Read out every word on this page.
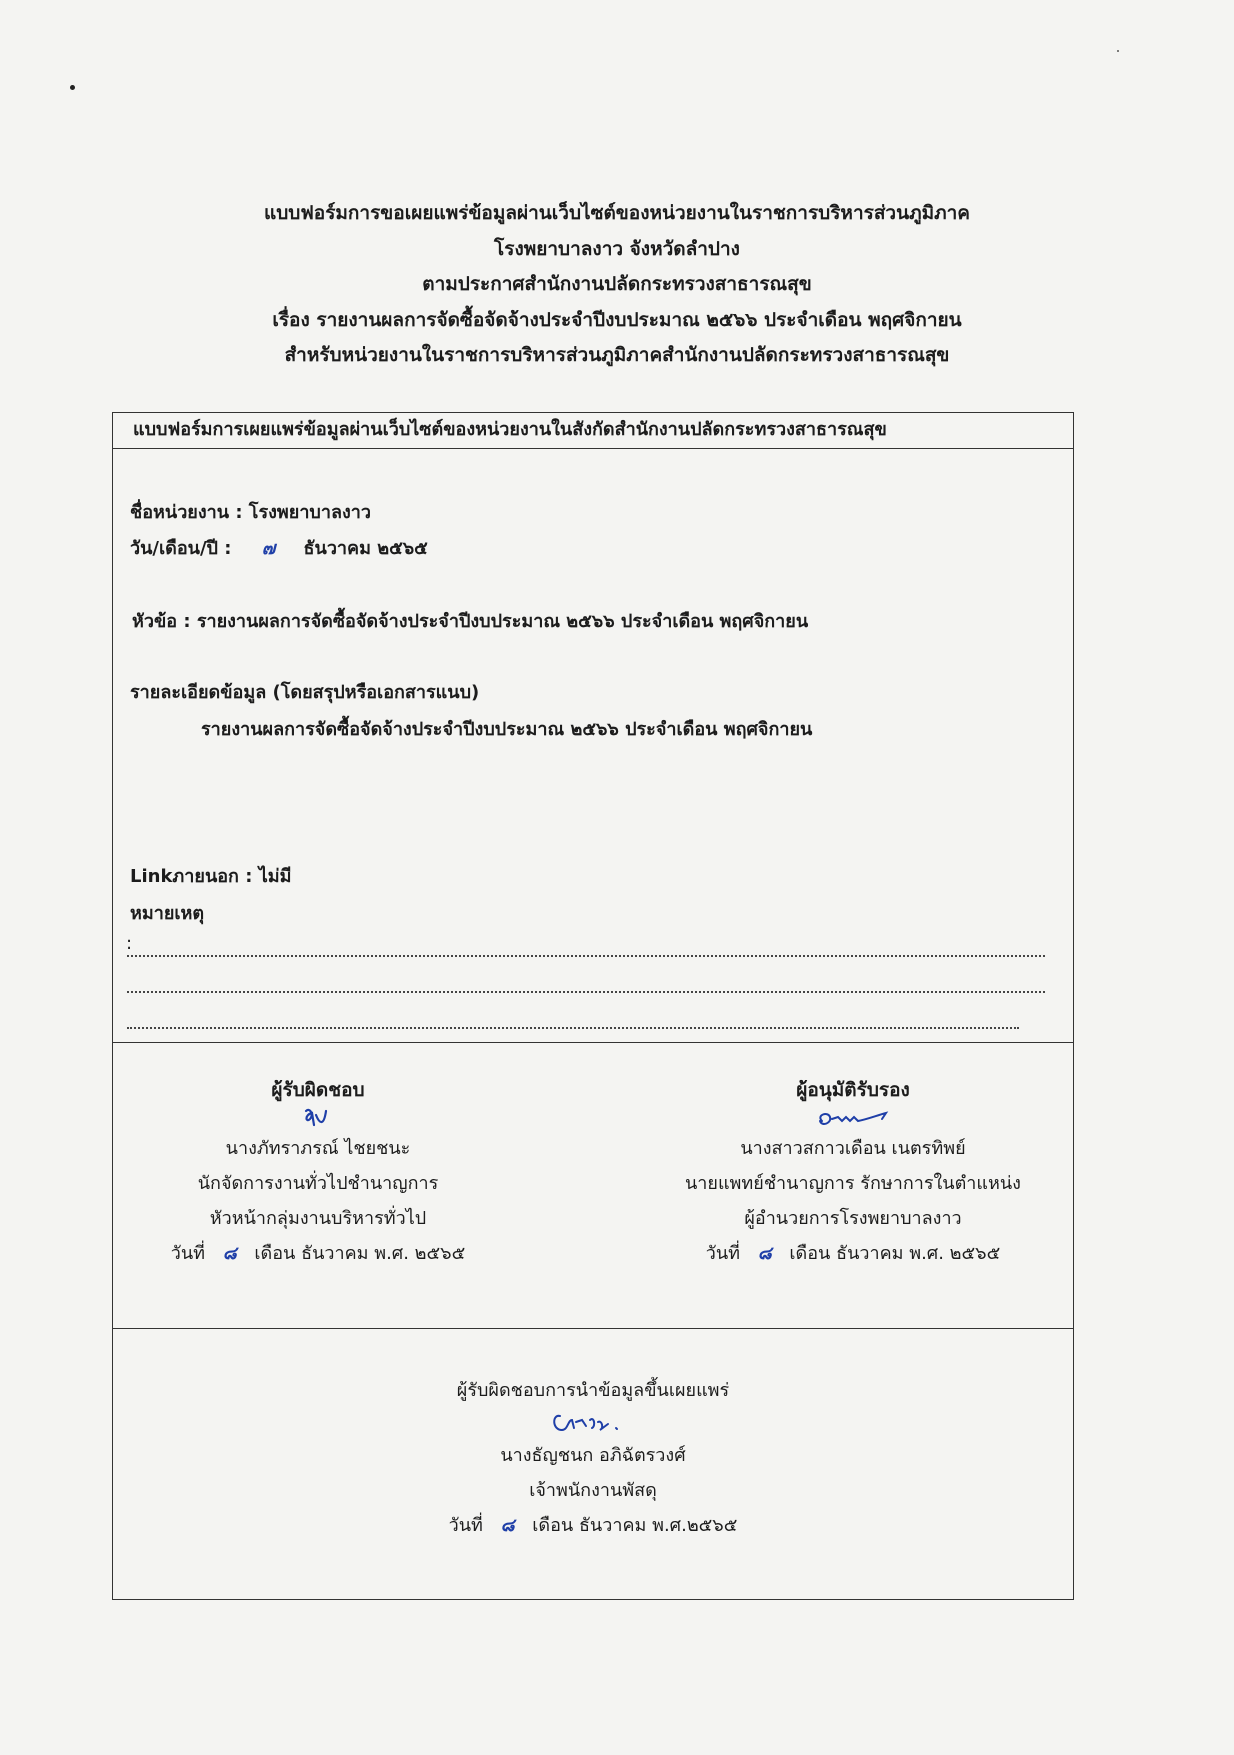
แบบฟอร์มการขอเผยแพร่ข้อมูลผ่านเว็บไซต์ของหน่วยงานในราชการบริหารส่วนภูมิภาค
โรงพยาบาลงาว จังหวัดลำปาง
ตามประกาศสำนักงานปลัดกระทรวงสาธารณสุข
เรื่อง รายงานผลการจัดซื้อจัดจ้างประจำปีงบประมาณ ๒๕๖๖ ประจำเดือน พฤศจิกายน
สำหรับหน่วยงานในราชการบริหารส่วนภูมิภาคสำนักงานปลัดกระทรวงสาธารณสุข
แบบฟอร์มการเผยแพร่ข้อมูลผ่านเว็บไซต์ของหน่วยงานในสังกัดสำนักงานปลัดกระทรวงสาธารณสุข
ชื่อหน่วยงาน : โรงพยาบาลงาว
วัน/เดือน/ปี : ๗ ธันวาคม ๒๕๖๕
หัวข้อ : รายงานผลการจัดซื้อจัดจ้างประจำปีงบประมาณ ๒๕๖๖ ประจำเดือน พฤศจิกายน
รายละเอียดข้อมูล (โดยสรุปหรือเอกสารแนบ)
รายงานผลการจัดซื้อจัดจ้างประจำปีงบประมาณ ๒๕๖๖ ประจำเดือน พฤศจิกายน
Linkภายนอก : ไม่มี
หมายเหตุ
:
ผู้รับผิดชอบ
นางภัทราภรณ์ ไชยชนะ
นักจัดการงานทั่วไปชำนาญการ
หัวหน้ากลุ่มงานบริหารทั่วไป
วันที่ ๘ เดือน ธันวาคม พ.ศ. ๒๕๖๕
ผู้อนุมัติรับรอง
นางสาวสกาวเดือน เนตรทิพย์
นายแพทย์ชำนาญการ รักษาการในตำแหน่ง
ผู้อำนวยการโรงพยาบาลงาว
วันที่ ๘ เดือน ธันวาคม พ.ศ. ๒๕๖๕
ผู้รับผิดชอบการนำข้อมูลขึ้นเผยแพร่
นางธัญชนก อภิฉัตรวงศ์
เจ้าพนักงานพัสดุ
วันที่ ๘ เดือน ธันวาคม พ.ศ.๒๕๖๕
